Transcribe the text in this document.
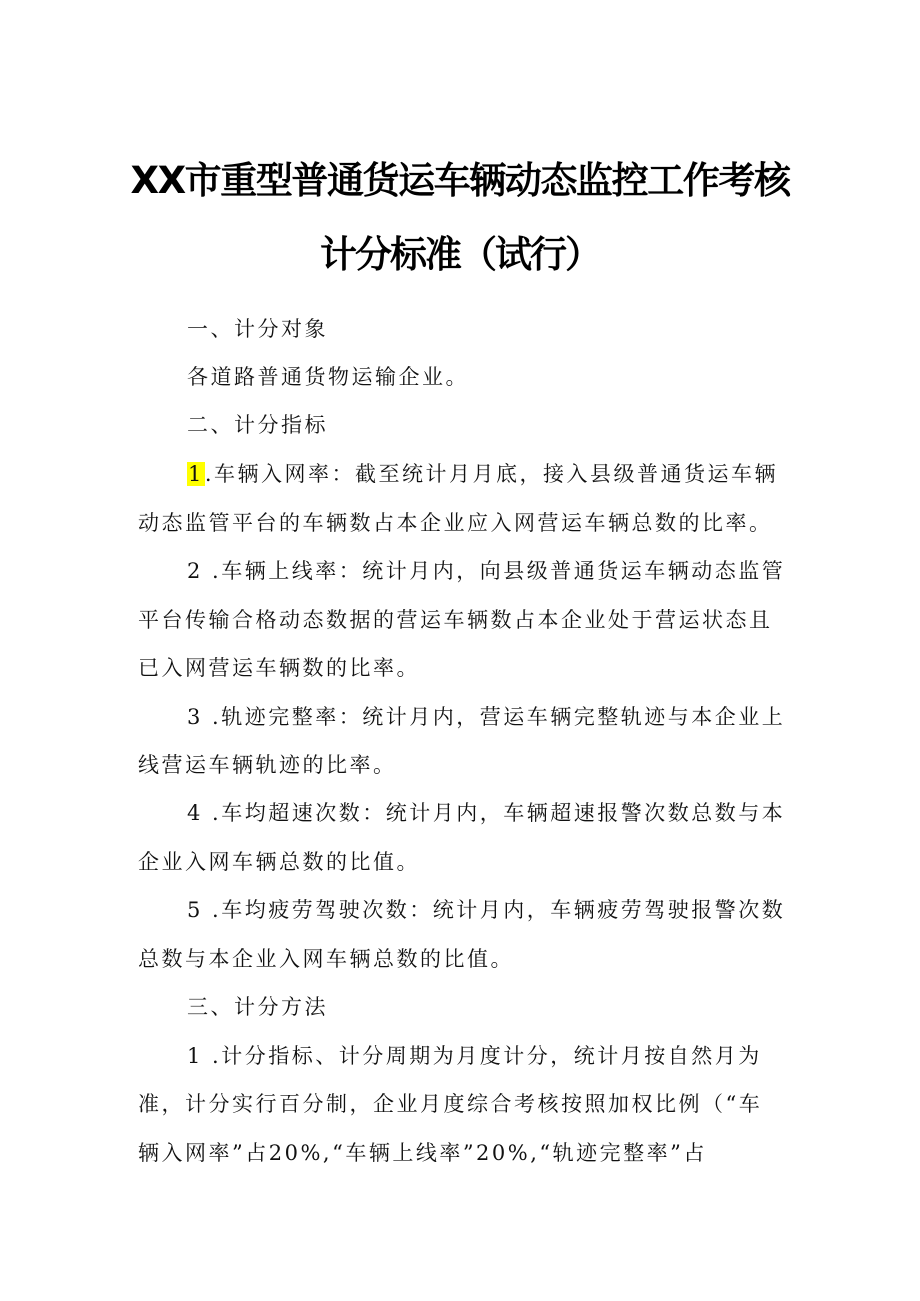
XX市重型普通货运车辆动态监控工作考核
计分标准（试行）
一、计分对象
各道路普通货物运输企业。
二、计分指标
1.车辆入网率：截至统计月月底，接入县级普通货运车辆
动态监管平台的车辆数占本企业应入网营运车辆总数的比率。
2 .车辆上线率：统计月内，向县级普通货运车辆动态监管
平台传输合格动态数据的营运车辆数占本企业处于营运状态且
已入网营运车辆数的比率。
3 .轨迹完整率：统计月内，营运车辆完整轨迹与本企业上
线营运车辆轨迹的比率。
4 .车均超速次数：统计月内，车辆超速报警次数总数与本
企业入网车辆总数的比值。
5 .车均疲劳驾驶次数：统计月内，车辆疲劳驾驶报警次数
总数与本企业入网车辆总数的比值。
三、计分方法
1 .计分指标、计分周期为月度计分，统计月按自然月为
准，计分实行百分制，企业月度综合考核按照加权比例（“车
辆入网率”占20%,“车辆上线率”20%,“轨迹完整率”占
